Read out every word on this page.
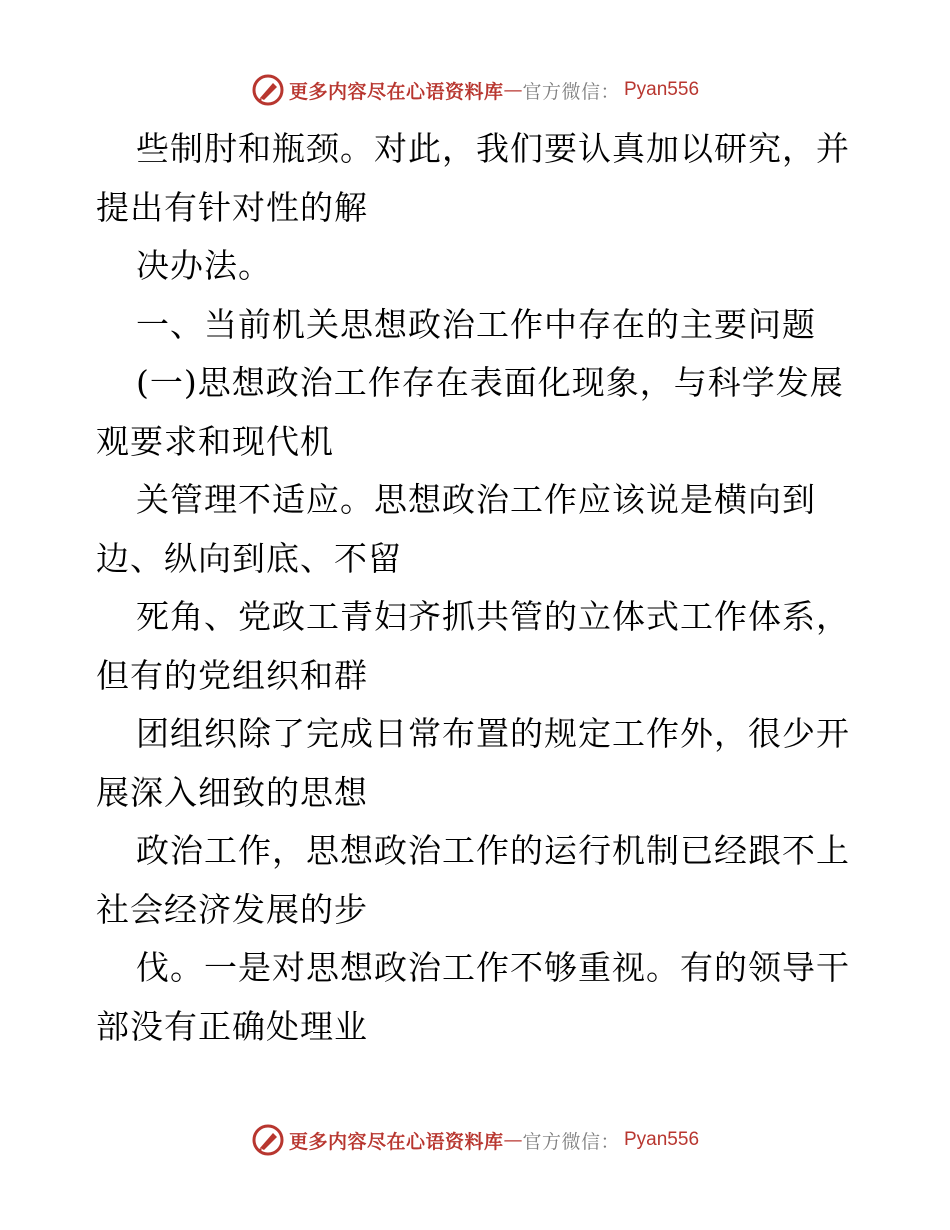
更多内容尽在心语资料库 — 官方微信： Pyan556
些制肘和瓶颈。对此，我们要认真加以研究，并
提出有针对性的解
决办法。
一、当前机关思想政治工作中存在的主要问题
(一)思想政治工作存在表面化现象，与科学发展
观要求和现代机
关管理不适应。思想政治工作应该说是横向到
边、纵向到底、不留
死角、党政工青妇齐抓共管的立体式工作体系，
但有的党组织和群
团组织除了完成日常布置的规定工作外，很少开
展深入细致的思想
政治工作，思想政治工作的运行机制已经跟不上
社会经济发展的步
伐。一是对思想政治工作不够重视。有的领导干
部没有正确处理业
更多内容尽在心语资料库 — 官方微信： Pyan556
